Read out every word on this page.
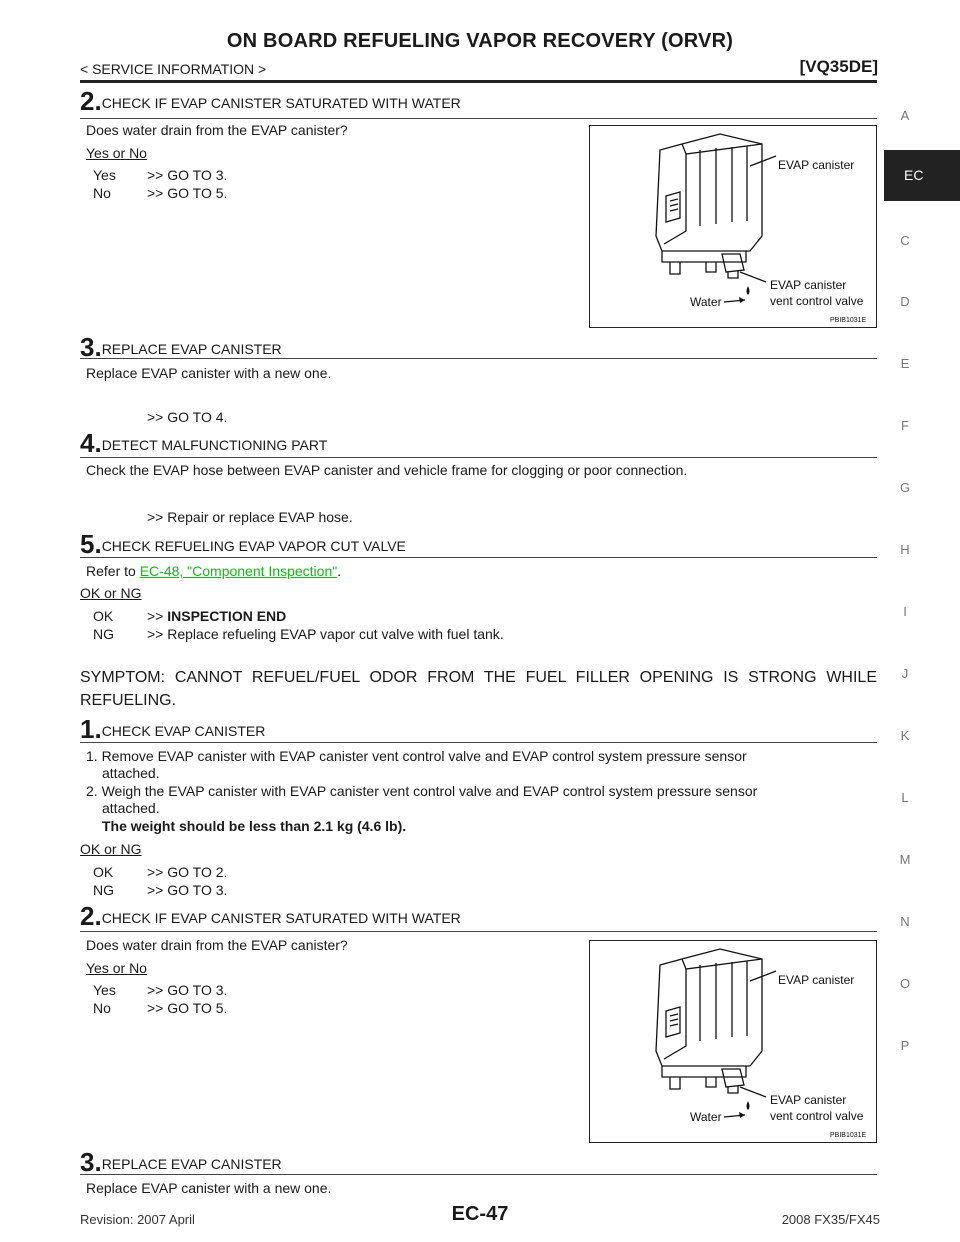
ON BOARD REFUELING VAPOR RECOVERY (ORVR)
< SERVICE INFORMATION >	[VQ35DE]
A
EC
C
D
E
F
G
H
I
J
K
L
M
N
O
P
2.CHECK IF EVAP CANISTER SATURATED WITH WATER
Does water drain from the EVAP canister?
Yes or No
Yes >> GO TO 3.
No	>> GO TO 5.
EVAP canister
EVAP canister
vent control valve
Water
PBIB1031E
3.REPLACE EVAP CANISTER
Replace EVAP canister with a new one.
>> GO TO 4.
4.DETECT MALFUNCTIONING PART
Check the EVAP hose between EVAP canister and vehicle frame for clogging or poor connection.
>> Repair or replace EVAP hose.
5.CHECK REFUELING EVAP VAPOR CUT VALVE
Refer to EC-48, "Component Inspection".
OK or NG
OK >> INSPECTION END
NG >> Replace refueling EVAP vapor cut valve with fuel tank.
SYMPTOM: CANNOT REFUEL/FUEL ODOR FROM THE FUEL FILLER OPENING IS STRONG WHILE REFUELING.
1.CHECK EVAP CANISTER
1. Remove EVAP canister with EVAP canister vent control valve and EVAP control system pressure sensor
attached.
2. Weigh the EVAP canister with EVAP canister vent control valve and EVAP control system pressure sensor
attached.
The weight should be less than 2.1 kg (4.6 lb).
OK or NG
OK >> GO TO 2.
NG >> GO TO 3.
2.CHECK IF EVAP CANISTER SATURATED WITH WATER
Does water drain from the EVAP canister?
Yes or No
Yes >> GO TO 3.
No	>> GO TO 5.
EVAP canister
EVAP canister
vent control valve
Water
PBIB1031E
3.REPLACE EVAP CANISTER
Replace EVAP canister with a new one.
Revision: 2007 April	EC-47	2008 FX35/FX45
